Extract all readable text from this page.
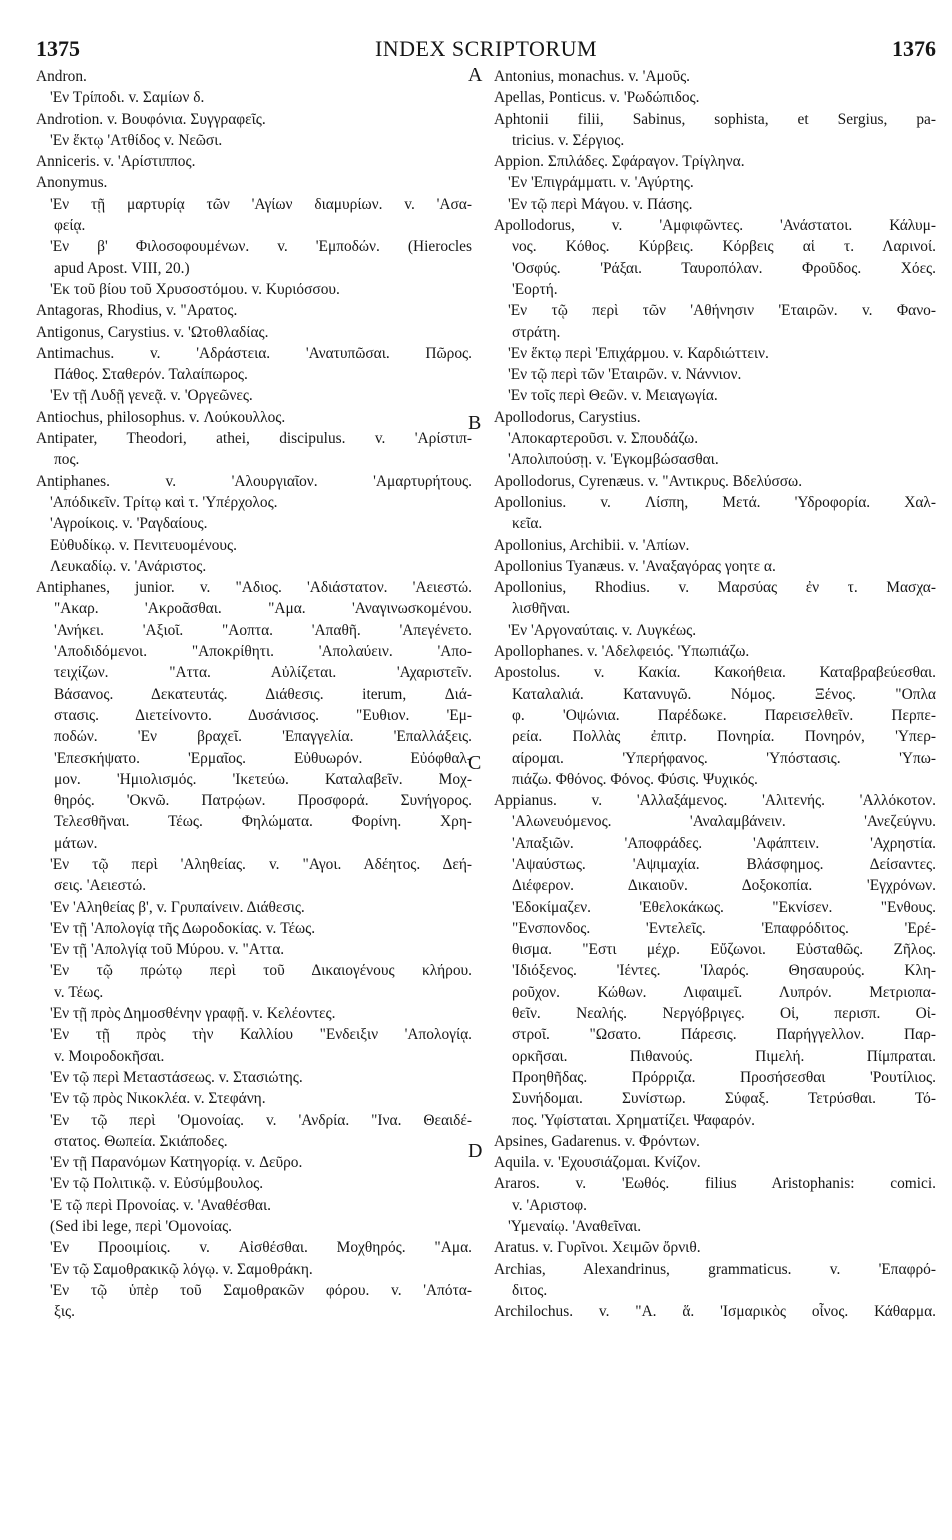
1375	INDEX SCRIPTORUM	1376
Andron.
'Εν Τρίποδι. v. Σαμίων δ.
Androtion. v. Βουφόνια. Συγγραφεῖς.
'Εν ἕκτῳ 'Ατθίδος v. Νεῶσι.
Anniceris. v. 'Αρίστιππος.
Anonymus.
'Εν τῇ μαρτυρίᾳ τῶν 'Αγίων διαμυρίων. v. 'Ασα-
φείᾳ.
'Εν β' Φιλοσοφουμένων. v. 'Εμποδών. (Hierocles
apud Apost. VIII, 20.)
'Εκ τοῦ βίου τοῦ Χρυσοστόμου. v. Κυριόσσου.
Antagoras, Rhodius, v. "Αρατος.
Antigonus, Carystius. v. 'Ωτοθλαδίας.
Antimachus. v. 'Αδράστεια. 'Ανατυπῶσαι. Πῶρος.
Πάθος. Σταθερόν. Ταλαίπωρος.
'Εν τῇ Λυδῇ γενεᾷ. v. 'Οργεῶνες.
Antiochus, philosophus. v. Λούκουλλος.
Antipater, Theodori, athei, discipulus. v. 'Αρίστιπ-
πος.
Antiphanes. v. 'Αλουργιαῖον. 'Αμαρτυρήτους.
'Απόδικεῖν. Τρίτῳ καὶ τ. 'Υπέρχολος.
'Αγροίκοις. v. 'Ραγδαίους.
Εὐθυδίκῳ. v. Πενιτευομένους.
Λευκαδίῳ. v. 'Ανάριστος.
Antiphanes, junior. v. "Αδιος. 'Αδιάστατον. 'Αειεστώ.
"Ακαρ. 'Ακροᾶσθαι. "Αμα. 'Αναγινωσκομένου.
'Ανήκει. 'Αξιοῖ. "Αοπτα. 'Απαθῆ. 'Απεγένετο.
'Αποδιδόμενοι. "Αποκρίθητι. 'Απολαύειν. 'Απο-
τειχίζων. "Αττα. Αὐλίζεται. 'Αχαριστεῖν.
Βάσανος. Δεκατευτάς. Διάθεσις. iterum, Διά-
στασις. Διετείνοντο. Δυσάνισος. "Ευθιον. 'Εμ-
ποδών. 'Εν βραχεῖ. 'Επαγγελία. 'Επαλλάξεις.
'Επεσκήψατο. 'Ερμαῖος. Εὐθυωρόν. Εὐόφθαλ-
μον. 'Ημιολισμός. 'Ικετεύω. Καταλαβεῖν. Μοχ-
θηρός. 'Οκνῶ. Πατρῴων. Προσφορά. Συνήγορος.
Τελεσθῆναι. Τέως. Φηλώματα. Φορίνη. Χρη-
μάτων.
'Εν τῷ περὶ 'Αληθείας. v. "Αγοι. Αδέητος. Δεή-
σεις. 'Αειεστώ.
'Εν 'Αληθείας β', v. Γρυπαίνειν. Διάθεσις.
'Εν τῇ 'Απολογίᾳ τῆς Δωροδοκίας. v. Τέως.
'Εν τῇ 'Απολγίᾳ τοῦ Μύρου. v. "Αττα.
'Εν τῷ πρώτῳ περὶ τοῦ Δικαιογένους κλήρου.
v. Τέως.
'Εν τῇ πρὸς Δημοσθένην γραφῇ. v. Κελέοντες.
'Εν τῇ πρὸς τὴν Καλλίου "Ενδειξιν 'Απολογίᾳ.
v. Μοιροδοκῆσαι.
'Εν τῷ περὶ Μεταστάσεως. v. Στασιώτης.
'Εν τῷ πρὸς Νικοκλέα. v. Στεφάνη.
'Εν τῷ περὶ 'Ομονοίας. v. 'Ανδρία. "Ινα. Θεαιδέ-
στατος. Θωπεία. Σκιάποδες.
'Εν τῇ Παρανόμων Κατηγορίᾳ. v. Δεῦρο.
'Εν τῷ Πολιτικῷ. v. Εὐσύμβουλος.
'Ε τῷ περὶ Προνοίας. v. 'Αναθέσθαι.
(Sed ibi lege, περὶ 'Ομονοίας.
'Εν Προοιμίοις. v. Αἰσθέσθαι. Μοχθηρός. "Αμα.
'Εν τῷ Σαμοθρακικῷ λόγῳ. v. Σαμοθράκη.
'Εν τῷ ὑπὲρ τοῦ Σαμοθρακῶν φόρου. v. 'Απότα-
ξις.
Antonius, monachus. v. 'Αμοῦς.
Apellas, Ponticus. v. 'Ρωδώπιδος.
Aphtonii filii, Sabinus, sophista, et Sergius, pa-
tricius. v. Σέργιος.
Appion. Σπιλάδες. Σφάραγον. Τρίγληνα.
'Εν 'Επιγράμματι. v. 'Αγύρτης.
'Εν τῷ περὶ Μάγου. v. Πάσης.
Apollodorus, v. 'Αμφιφῶντες. 'Ανάστατοι. Κάλυμ-
νος. Κόθος. Κύρβεις. Κόρβεις αἱ τ. Λαρινοί.
'Οσφύς. 'Ράξαι. Ταυροπόλαν. Φροῦδος. Χόες.
'Εορτή.
'Εν τῷ περὶ τῶν 'Αθήνησιν 'Εταιρῶν. v. Φανο-
στράτη.
'Εν ἕκτῳ περὶ 'Επιχάρμου. v. Καρδιώττειν.
'Εν τῷ περὶ τῶν 'Εταιρῶν. v. Νάννιον.
'Εν τοῖς περὶ Θεῶν. v. Μειαγωγία.
Apollodorus, Carystius.
'Αποκαρτεροῦσι. v. Σπουδάζω.
'Απολιπούσῃ. v. 'Εγκομβώσασθαι.
Apollodorus, Cyrenæus. v. "Αντικρυς. Βδελύσσω.
Apollonius. v. Λίσπη, Μετά. 'Υδροφορία. Χαλ-
κεῖα.
Apollonius, Archibii. v. 'Απίων.
Apollonius Tyanæus. v. 'Αναξαγόρας γοητε α.
Apollonius, Rhodius. v. Μαρσύας ἐν τ. Μασχα-
λισθῆναι.
'Εν 'Αργοναύταις. v. Λυγκέως.
Apollophanes. v. 'Αδελφειός. 'Υπωπιάζω.
Apostolus. v. Κακία. Κακοήθεια. Καταβραβεύεσθαι.
Καταλαλιά. Κατανυγῶ. Νόμος. Ξένος. "Οπλα
φ. 'Οψώνια. Παρέδωκε. Παρεισελθεῖν. Περπε-
ρεία. Πολλὰς ἐπιτρ. Πονηρία. Πονηρόν, 'Υπερ-
αίρομαι. 'Υπερήφανος. 'Υπόστασις. 'Υπω-
πιάζω. Φθόνος. Φόνος. Φύσις. Ψυχικός.
Appianus. v. 'Αλλαξάμενος. 'Αλιτενής. 'Αλλόκοτον.
'Αλωνευόμενος. 'Αναλαμβάνειν. 'Ανεζεύγνυ.
'Απαξιῶν. 'Αποφράδες. 'Αφάπτειν. 'Αχρηστία.
'Αψαύστως. 'Αψιμαχία. Βλάσφημος. Δείσαντες.
Διέφερον. Δικαιοῦν. Δοξοκοπία. 'Εγχρόνων.
'Εδοκίμαζεν. 'Εθελοκάκως. "Εκνίσεν. "Ενθους.
"Ενσπονδος. 'Εντελεῖς. 'Επαφρόδιτος. 'Ερέ-
θισμα. "Εστι μέχρ. Εὔζωνοι. Εὐσταθῶς. Ζῆλος.
'Ιδιόξενος. 'Ιέντες. 'Ιλαρός. Θησαυρούς. Κλη-
ροῦχον. Κώθων. Λιφαιμεῖ. Λυπρόν. Μετριοπα-
θεῖν. Νεαλής. Νεργόβριγες. Οἱ, περισπ. Οἰ-
στροῖ. "Ωσατο. Πάρεσις. Παρήγγελλον. Παρ-
ορκῆσαι. Πιθανούς. Πιμελή. Πίμπραται.
Προηθῆδας. Πρόρριζα. Προσήσεσθαι 'Ρουτίλιος.
Συνήδομαι. Συνίστωρ. Σύφαξ. Τετρύσθαι. Τό-
πος. 'Υφίσταται. Χρηματίζει. Ψαφαρόν.
Apsines, Gadarenus. v. Φρόντων.
Aquila. v. 'Εχουσιάζομαι. Κνίζον.
Araros. v. 'Εωθός. filius Aristophanis: comici.
v. 'Αριστοφ.
'Υμεναίῳ. 'Αναθεῖναι.
Aratus. v. Γυρῖνοι. Χειμῶν ὄρνιθ.
Archias, Alexandrinus, grammaticus. v. 'Επαφρό-
διτος.
Archilochus. v. "Α. ἅ. 'Ισμαρικὸς οἶνος. Κάθαρμα.
A
B
C
D
